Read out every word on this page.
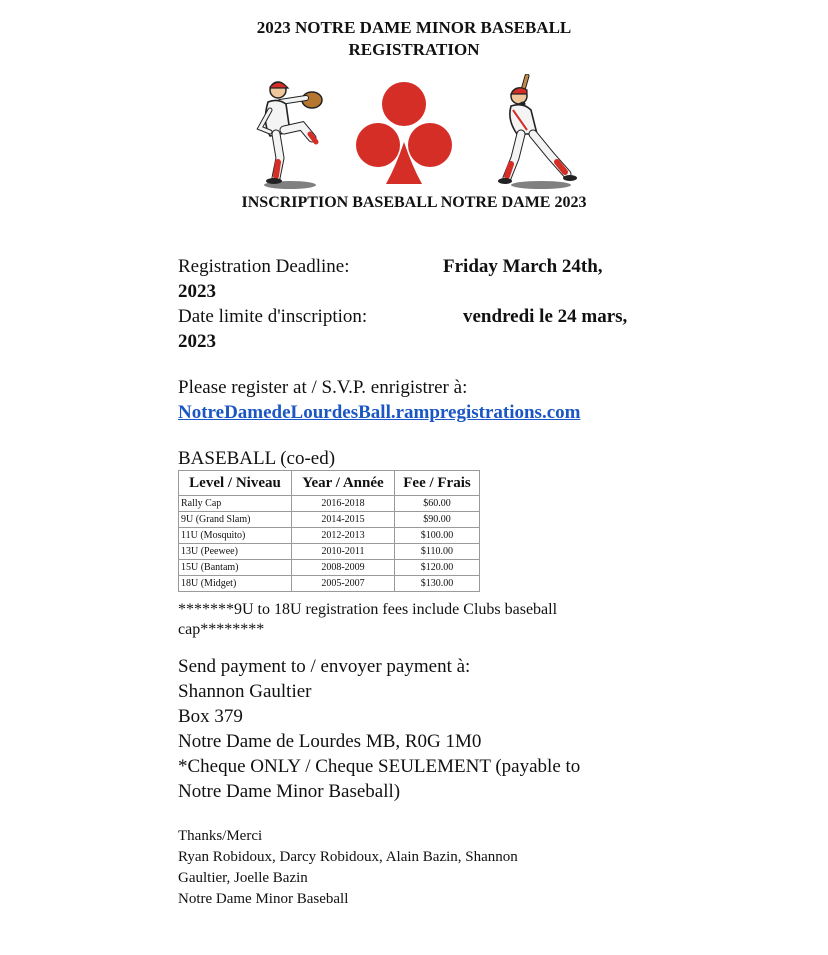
2023 NOTRE DAME MINOR BASEBALL
REGISTRATION
INSCRIPTION BASEBALL NOTRE DAME 2023
Registration Deadline:	Friday March 24th,
2023
Date limite d'inscription:	vendredi le 24 mars,
2023
Please register at / S.V.P. enrigistrer à:
NotreDamedeLourdesBall.rampregistrations.com
BASEBALL (co-ed)
Level / Niveau	Year / Année	Fee / Frais
Rally Cap	2016-2018	$60.00
9U (Grand Slam)	2014-2015	$90.00
11U (Mosquito)	2012-2013	$100.00
13U (Peewee)	2010-2011	$110.00
15U (Bantam)	2008-2009	$120.00
18U (Midget)	2005-2007	$130.00
*******9U to 18U registration fees include Clubs baseball cap********
Send payment to / envoyer payment à:
Shannon Gaultier
Box 379
Notre Dame de Lourdes MB, R0G 1M0
*Cheque ONLY / Cheque SEULEMENT (payable to
Notre Dame Minor Baseball)
Thanks/Merci
Ryan Robidoux, Darcy Robidoux, Alain Bazin, Shannon
Gaultier, Joelle Bazin
Notre Dame Minor Baseball
